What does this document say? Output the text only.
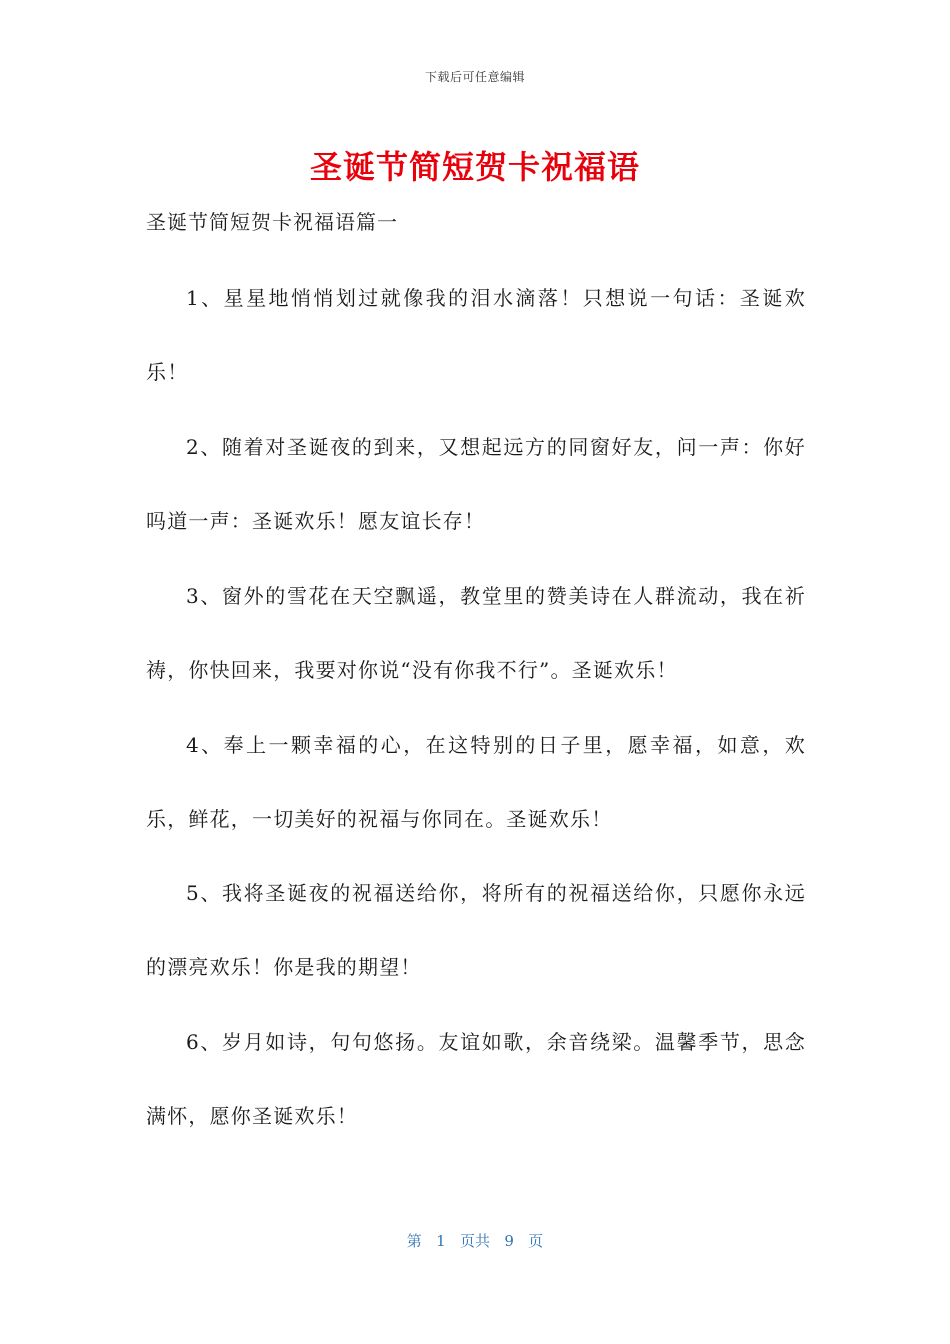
下载后可任意编辑
圣诞节简短贺卡祝福语
圣诞节简短贺卡祝福语篇一

1、星星地悄悄划过就像我的泪水滴落！只想说一句话：圣诞欢乐！

2、随着对圣诞夜的到来，又想起远方的同窗好友，问一声：你好吗道一声：圣诞欢乐！愿友谊长存！

3、窗外的雪花在天空飘遥，教堂里的赞美诗在人群流动，我在祈祷，你快回来，我要对你说“没有你我不行”。圣诞欢乐！

4、奉上一颗幸福的心，在这特别的日子里，愿幸福，如意，欢乐，鲜花，一切美好的祝福与你同在。圣诞欢乐！

5、我将圣诞夜的祝福送给你，将所有的祝福送给你，只愿你永远的漂亮欢乐！你是我的期望！

6、岁月如诗，句句悠扬。友谊如歌，余音绕梁。温馨季节，思念满怀，愿你圣诞欢乐！

第 1 页共 9 页
